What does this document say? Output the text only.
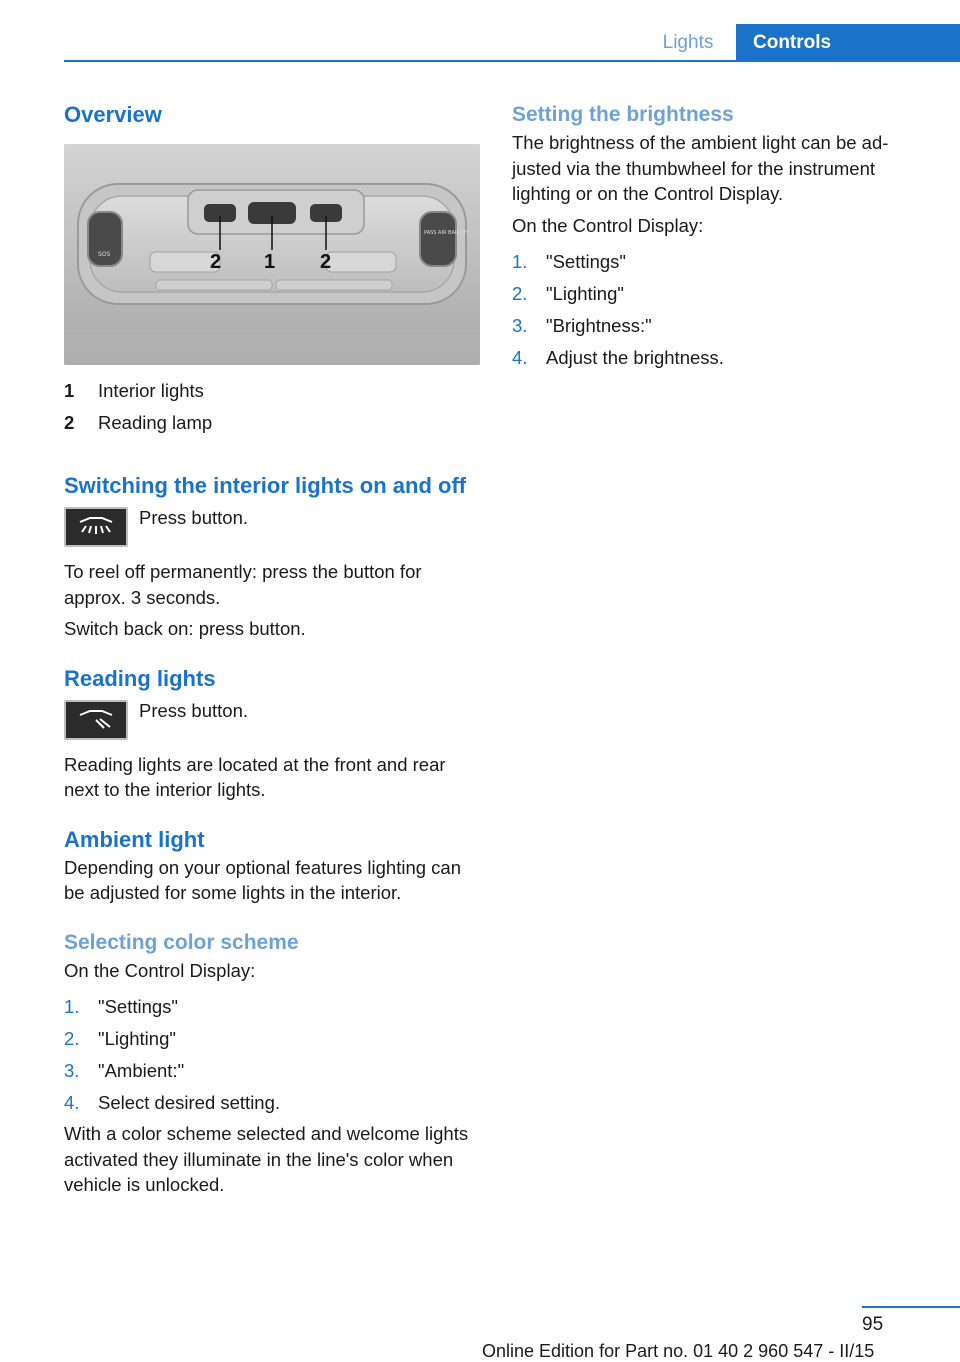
Lights	Controls
Overview
SOS
PASS AIR BAG OFF
2 1 2
1	Interior lights
2	Reading lamp
Switching the interior lights on and off
Press button.

To reel off permanently: press the button for approx. 3 seconds.

Switch back on: press button.

Reading lights
Press button.

Reading lights are located at the front and rear next to the interior lights.

Ambient light

Depending on your optional features lighting can be adjusted for some lights in the interior.

Selecting color scheme

On the Control Display:

1.	"Settings"
2.	"Lighting"
3.	"Ambient:"
4.	Select desired setting.

With a color scheme selected and welcome lights activated they illuminate in the line's color when vehicle is unlocked.

Setting the brightness

The brightness of the ambient light can be adjusted via the thumbwheel for the instrument lighting or on the Control Display.

On the Control Display:

1.	"Settings"
2.	"Lighting"
3.	"Brightness:"
4.	Adjust the brightness.
95
Online Edition for Part no. 01 40 2 960 547 - II/15
